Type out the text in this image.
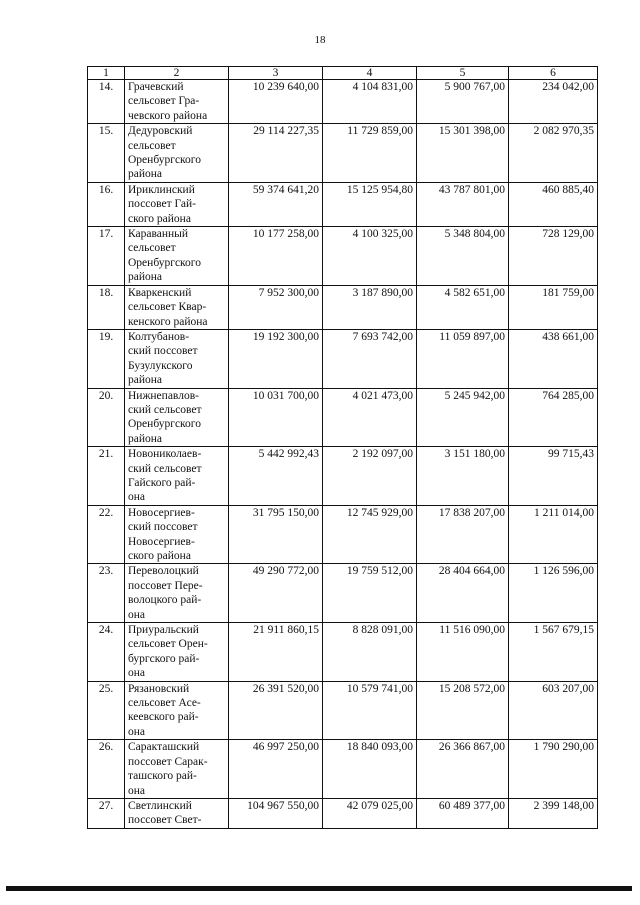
18
1	2	3	4	5	6
14.	Грачевский
сельсовет Гра-
чевского района	10 239 640,00	4 104 831,00	5 900 767,00	234 042,00
15.	Дедуровский
сельсовет
Оренбургского
района	29 114 227,35	11 729 859,00	15 301 398,00	2 082 970,35
16.	Ириклинский
поссовет Гай-
ского района	59 374 641,20	15 125 954,80	43 787 801,00	460 885,40
17.	Караванный
сельсовет
Оренбургского
района	10 177 258,00	4 100 325,00	5 348 804,00	728 129,00
18.	Кваркенский
сельсовет Квар-
кенского района	7 952 300,00	3 187 890,00	4 582 651,00	181 759,00
19.	Колтубанов-
ский поссовет
Бузулукского
района	19 192 300,00	7 693 742,00	11 059 897,00	438 661,00
20.	Нижнепавлов-
ский сельсовет
Оренбургского
района	10 031 700,00	4 021 473,00	5 245 942,00	764 285,00
21.	Новониколаев-
ский сельсовет
Гайского рай-
она	5 442 992,43	2 192 097,00	3 151 180,00	99 715,43
22.	Новосергиев-
ский поссовет
Новосергиев-
ского района	31 795 150,00	12 745 929,00	17 838 207,00	1 211 014,00
23.	Переволоцкий
поссовет Пере-
волоцкого рай-
она	49 290 772,00	19 759 512,00	28 404 664,00	1 126 596,00
24.	Приуральский
сельсовет Орен-
бургского рай-
она	21 911 860,15	8 828 091,00	11 516 090,00	1 567 679,15
25.	Рязановский
сельсовет Асе-
кеевского рай-
она	26 391 520,00	10 579 741,00	15 208 572,00	603 207,00
26.	Саракташский
поссовет Сарак-
ташского рай-
она	46 997 250,00	18 840 093,00	26 366 867,00	1 790 290,00
27.	Светлинский
поссовет Свет-	104 967 550,00	42 079 025,00	60 489 377,00	2 399 148,00
